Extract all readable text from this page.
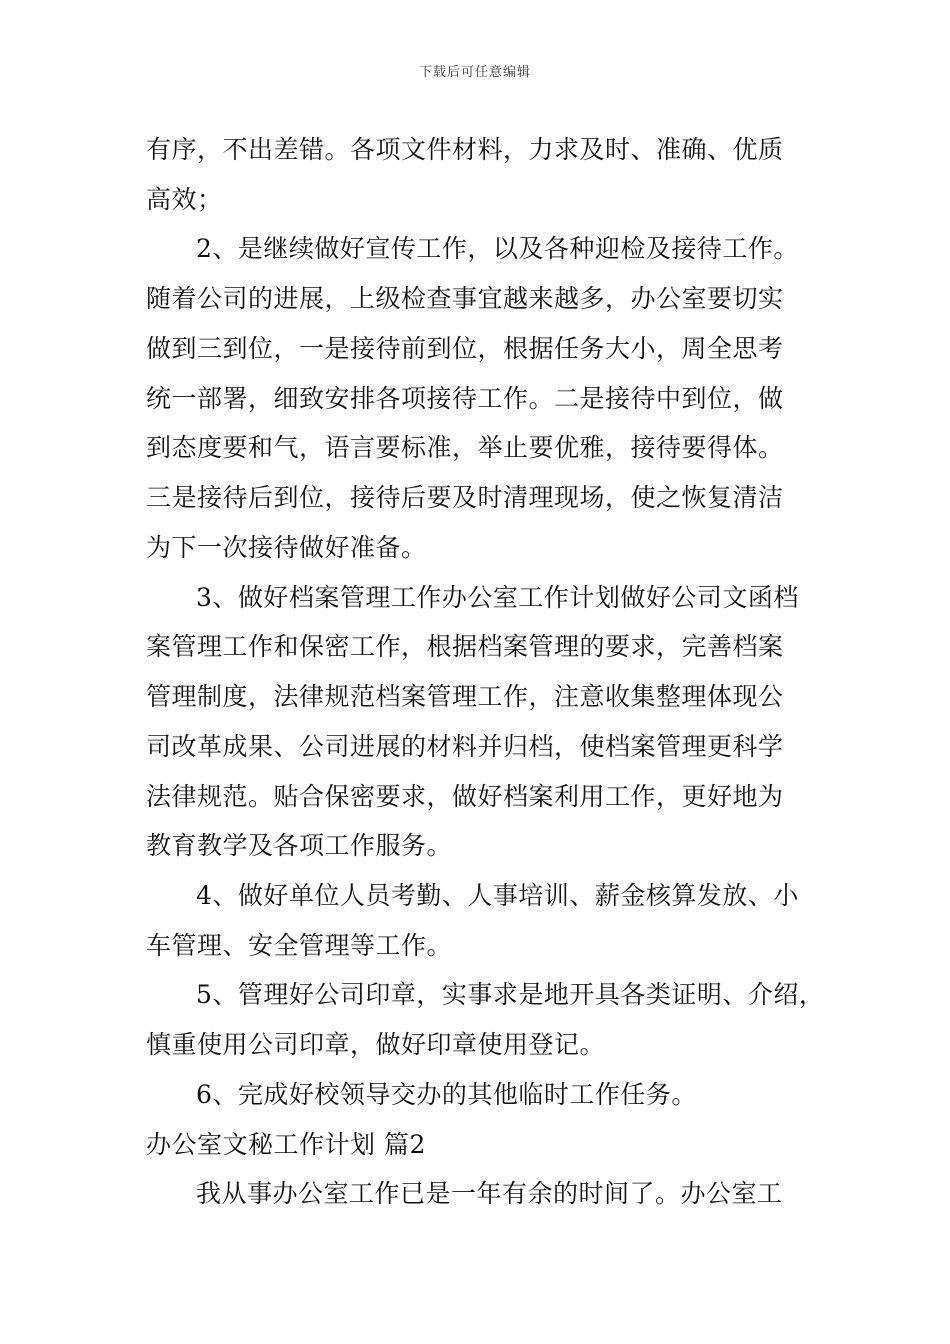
下载后可任意编辑
有序，不出差错。各项文件材料，力求及时、准确、优质
高效；
2、是继续做好宣传工作，以及各种迎检及接待工作。
随着公司的进展，上级检查事宜越来越多，办公室要切实
做到三到位，一是接待前到位，根据任务大小，周全思考
统一部署，细致安排各项接待工作。二是接待中到位，做
到态度要和气，语言要标准，举止要优雅，接待要得体。
三是接待后到位，接待后要及时清理现场，使之恢复清洁
为下一次接待做好准备。
3、做好档案管理工作办公室工作计划做好公司文函档
案管理工作和保密工作，根据档案管理的要求，完善档案
管理制度，法律规范档案管理工作，注意收集整理体现公
司改革成果、公司进展的材料并归档，使档案管理更科学
法律规范。贴合保密要求，做好档案利用工作，更好地为
教育教学及各项工作服务。
4、做好单位人员考勤、人事培训、薪金核算发放、小
车管理、安全管理等工作。
5、管理好公司印章，实事求是地开具各类证明、介绍，
慎重使用公司印章，做好印章使用登记。
6、完成好校领导交办的其他临时工作任务。
办公室文秘工作计划 篇2
我从事办公室工作已是一年有余的时间了。办公室工
